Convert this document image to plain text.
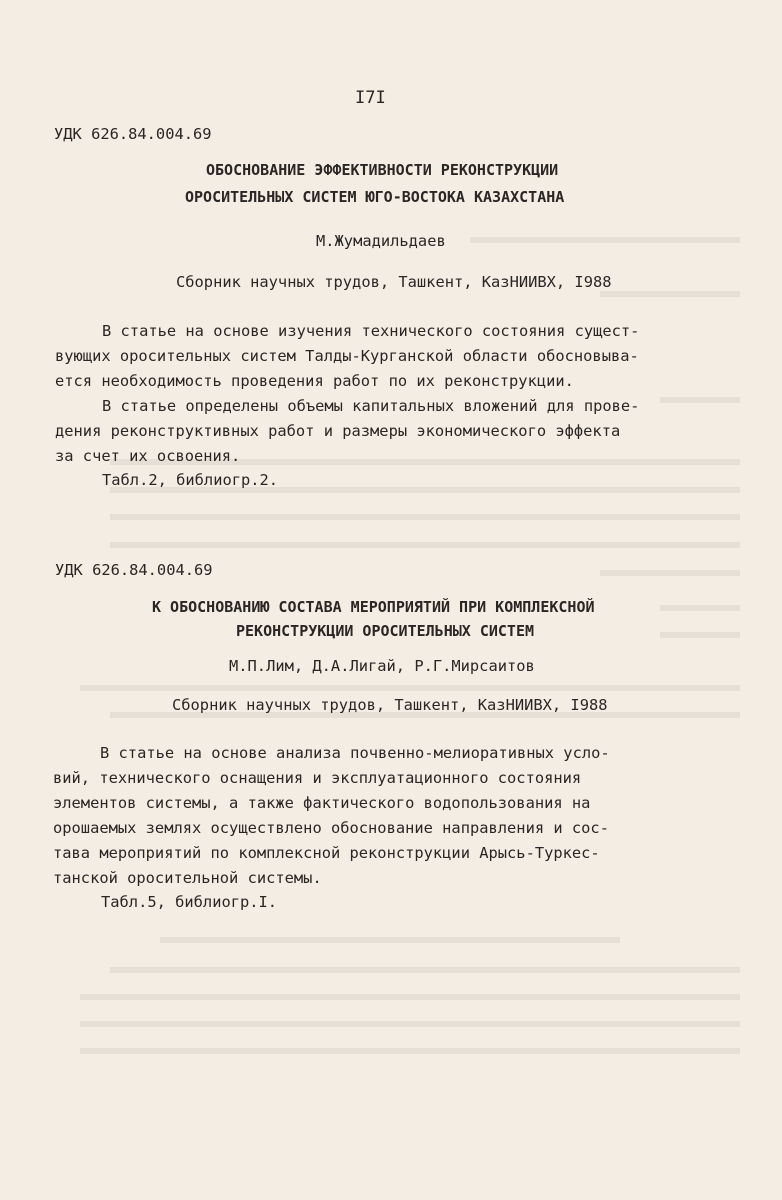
I7I
УДК 626.84.004.69
ОБОСНОВАНИЕ ЭФФЕКТИВНОСТИ РЕКОНСТРУКЦИИ
ОРОСИТЕЛЬНЫХ СИСТЕМ ЮГО-ВОСТОКА КАЗАХСТАНА
М.Жумадильдаев
Сборник научных трудов, Ташкент, КазНИИВХ, I988
В статье на основе изучения технического состояния сущест-
вующих оросительных систем Талды-Курганской области обосновыва-
ется необходимость проведения работ по их реконструкции.
В статье определены объемы капитальных вложений для прове-
дения реконструктивных работ и размеры экономического эффекта
за счет их освоения.
Табл.2, библиогр.2.
УДК 626.84.004.69
К ОБОСНОВАНИЮ СОСТАВА МЕРОПРИЯТИЙ ПРИ КОМПЛЕКСНОЙ
РЕКОНСТРУКЦИИ ОРОСИТЕЛЬНЫХ СИСТЕМ
М.П.Лим, Д.А.Лигай, Р.Г.Мирсаитов
Сборник научных трудов, Ташкент, КазНИИВХ, I988
В статье на основе анализа почвенно-мелиоративных усло-
вий, технического оснащения и эксплуатационного состояния
элементов системы, а также фактического водопользования на
орошаемых землях осуществлено обоснование направления и сос-
тава мероприятий по комплексной реконструкции Арысь-Туркес-
танской оросительной системы.
Табл.5, библиогр.I.
